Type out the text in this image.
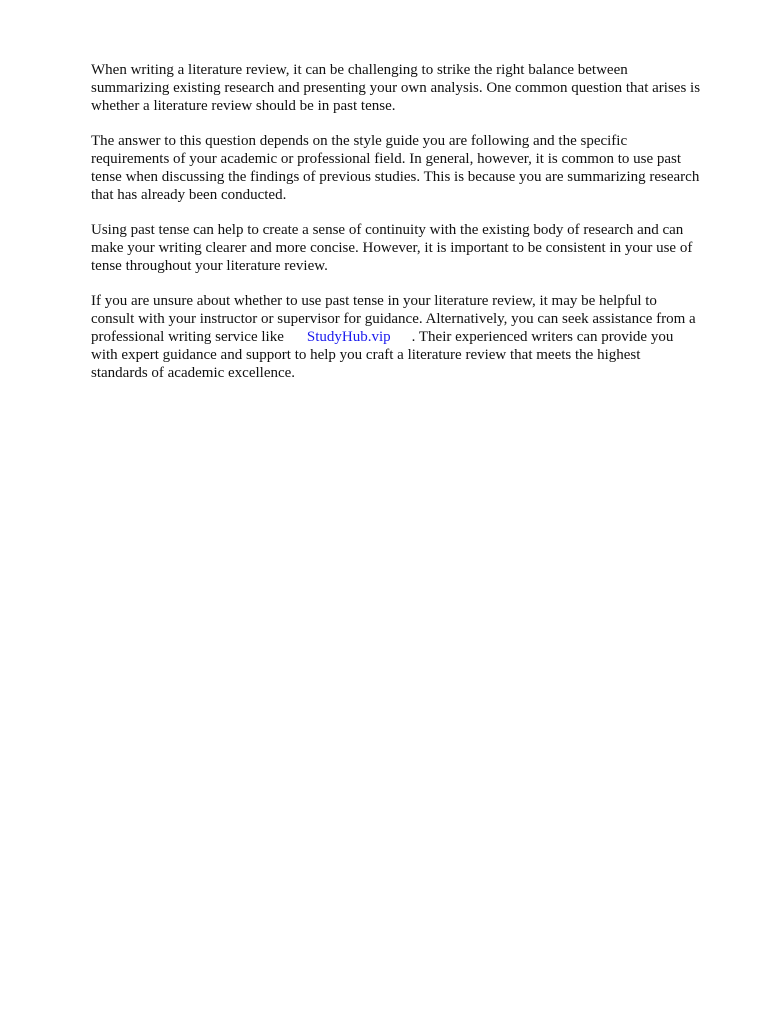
When writing a literature review, it can be challenging to strike the right balance between
summarizing existing research and presenting your own analysis. One common question that arises is
whether a literature review should be in past tense.

The answer to this question depends on the style guide you are following and the specific
requirements of your academic or professional field. In general, however, it is common to use past
tense when discussing the findings of previous studies. This is because you are summarizing research
that has already been conducted.

Using past tense can help to create a sense of continuity with the existing body of research and can
make your writing clearer and more concise. However, it is important to be consistent in your use of
tense throughout your literature review.

If you are unsure about whether to use past tense in your literature review, it may be helpful to
consult with your instructor or supervisor for guidance. Alternatively, you can seek assistance from a
professional writing service like StudyHub.vip . Their experienced writers can provide you
with expert guidance and support to help you craft a literature review that meets the highest
standards of academic excellence.
